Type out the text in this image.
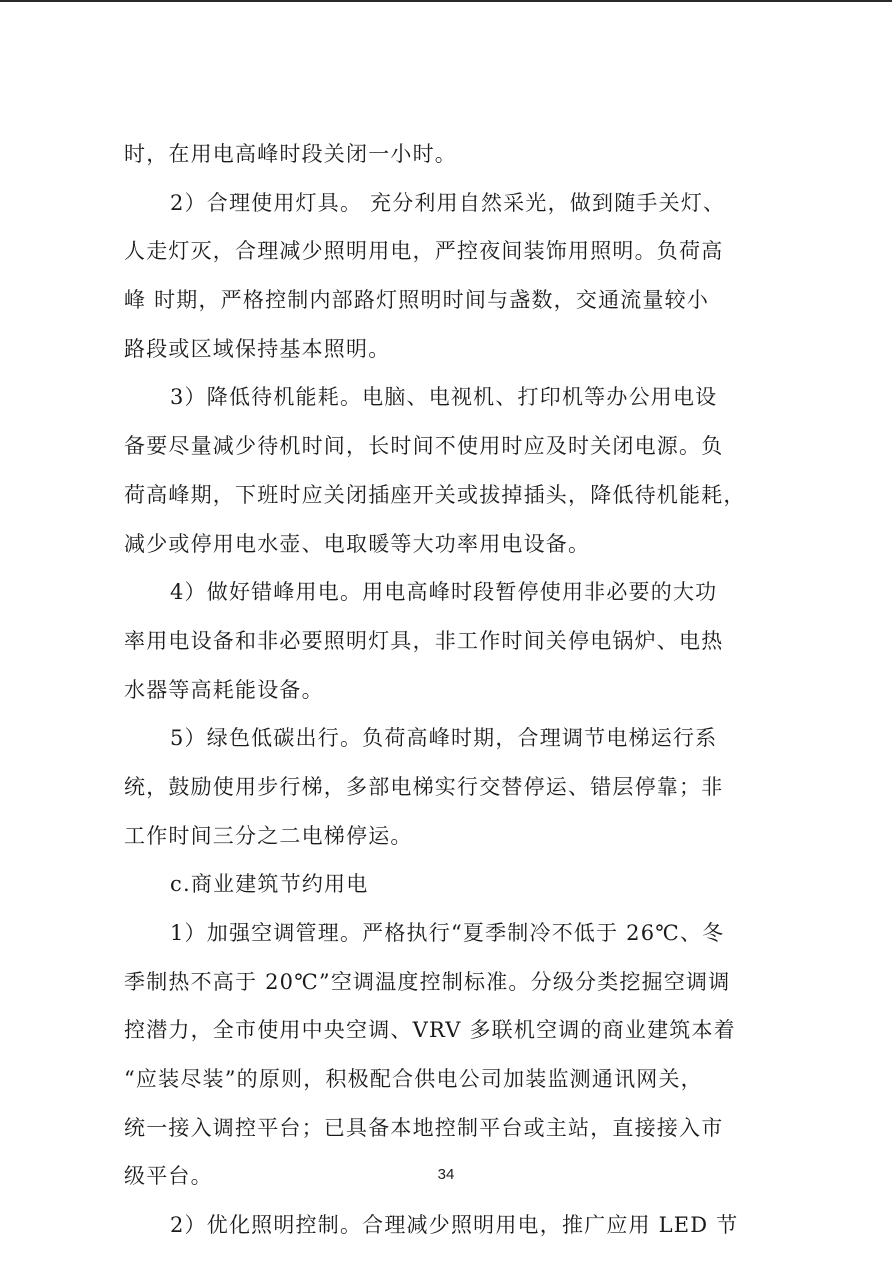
时，在用电高峰时段关闭一小时。
2）合理使用灯具。 充分利用自然采光，做到随手关灯、
人走灯灭，合理减少照明用电，严控夜间装饰用照明。负荷高
峰 时期，严格控制内部路灯照明时间与盏数，交通流量较小
路段或区域保持基本照明。
3）降低待机能耗。电脑、电视机、打印机等办公用电设
备要尽量减少待机时间，长时间不使用时应及时关闭电源。负
荷高峰期，下班时应关闭插座开关或拔掉插头，降低待机能耗，
减少或停用电水壶、电取暖等大功率用电设备。
4）做好错峰用电。用电高峰时段暂停使用非必要的大功
率用电设备和非必要照明灯具，非工作时间关停电锅炉、电热
水器等高耗能设备。
5）绿色低碳出行。负荷高峰时期，合理调节电梯运行系
统，鼓励使用步行梯，多部电梯实行交替停运、错层停靠；非
工作时间三分之二电梯停运。
c.商业建筑节约用电
1）加强空调管理。严格执行“夏季制冷不低于 26℃、冬
季制热不高于 20℃”空调温度控制标准。分级分类挖掘空调调
控潜力，全市使用中央空调、VRV 多联机空调的商业建筑本着
“应装尽装”的原则，积极配合供电公司加装监测通讯网关，
统一接入调控平台；已具备本地控制平台或主站，直接接入市
级平台。
2）优化照明控制。合理减少照明用电，推广应用 LED 节
34
